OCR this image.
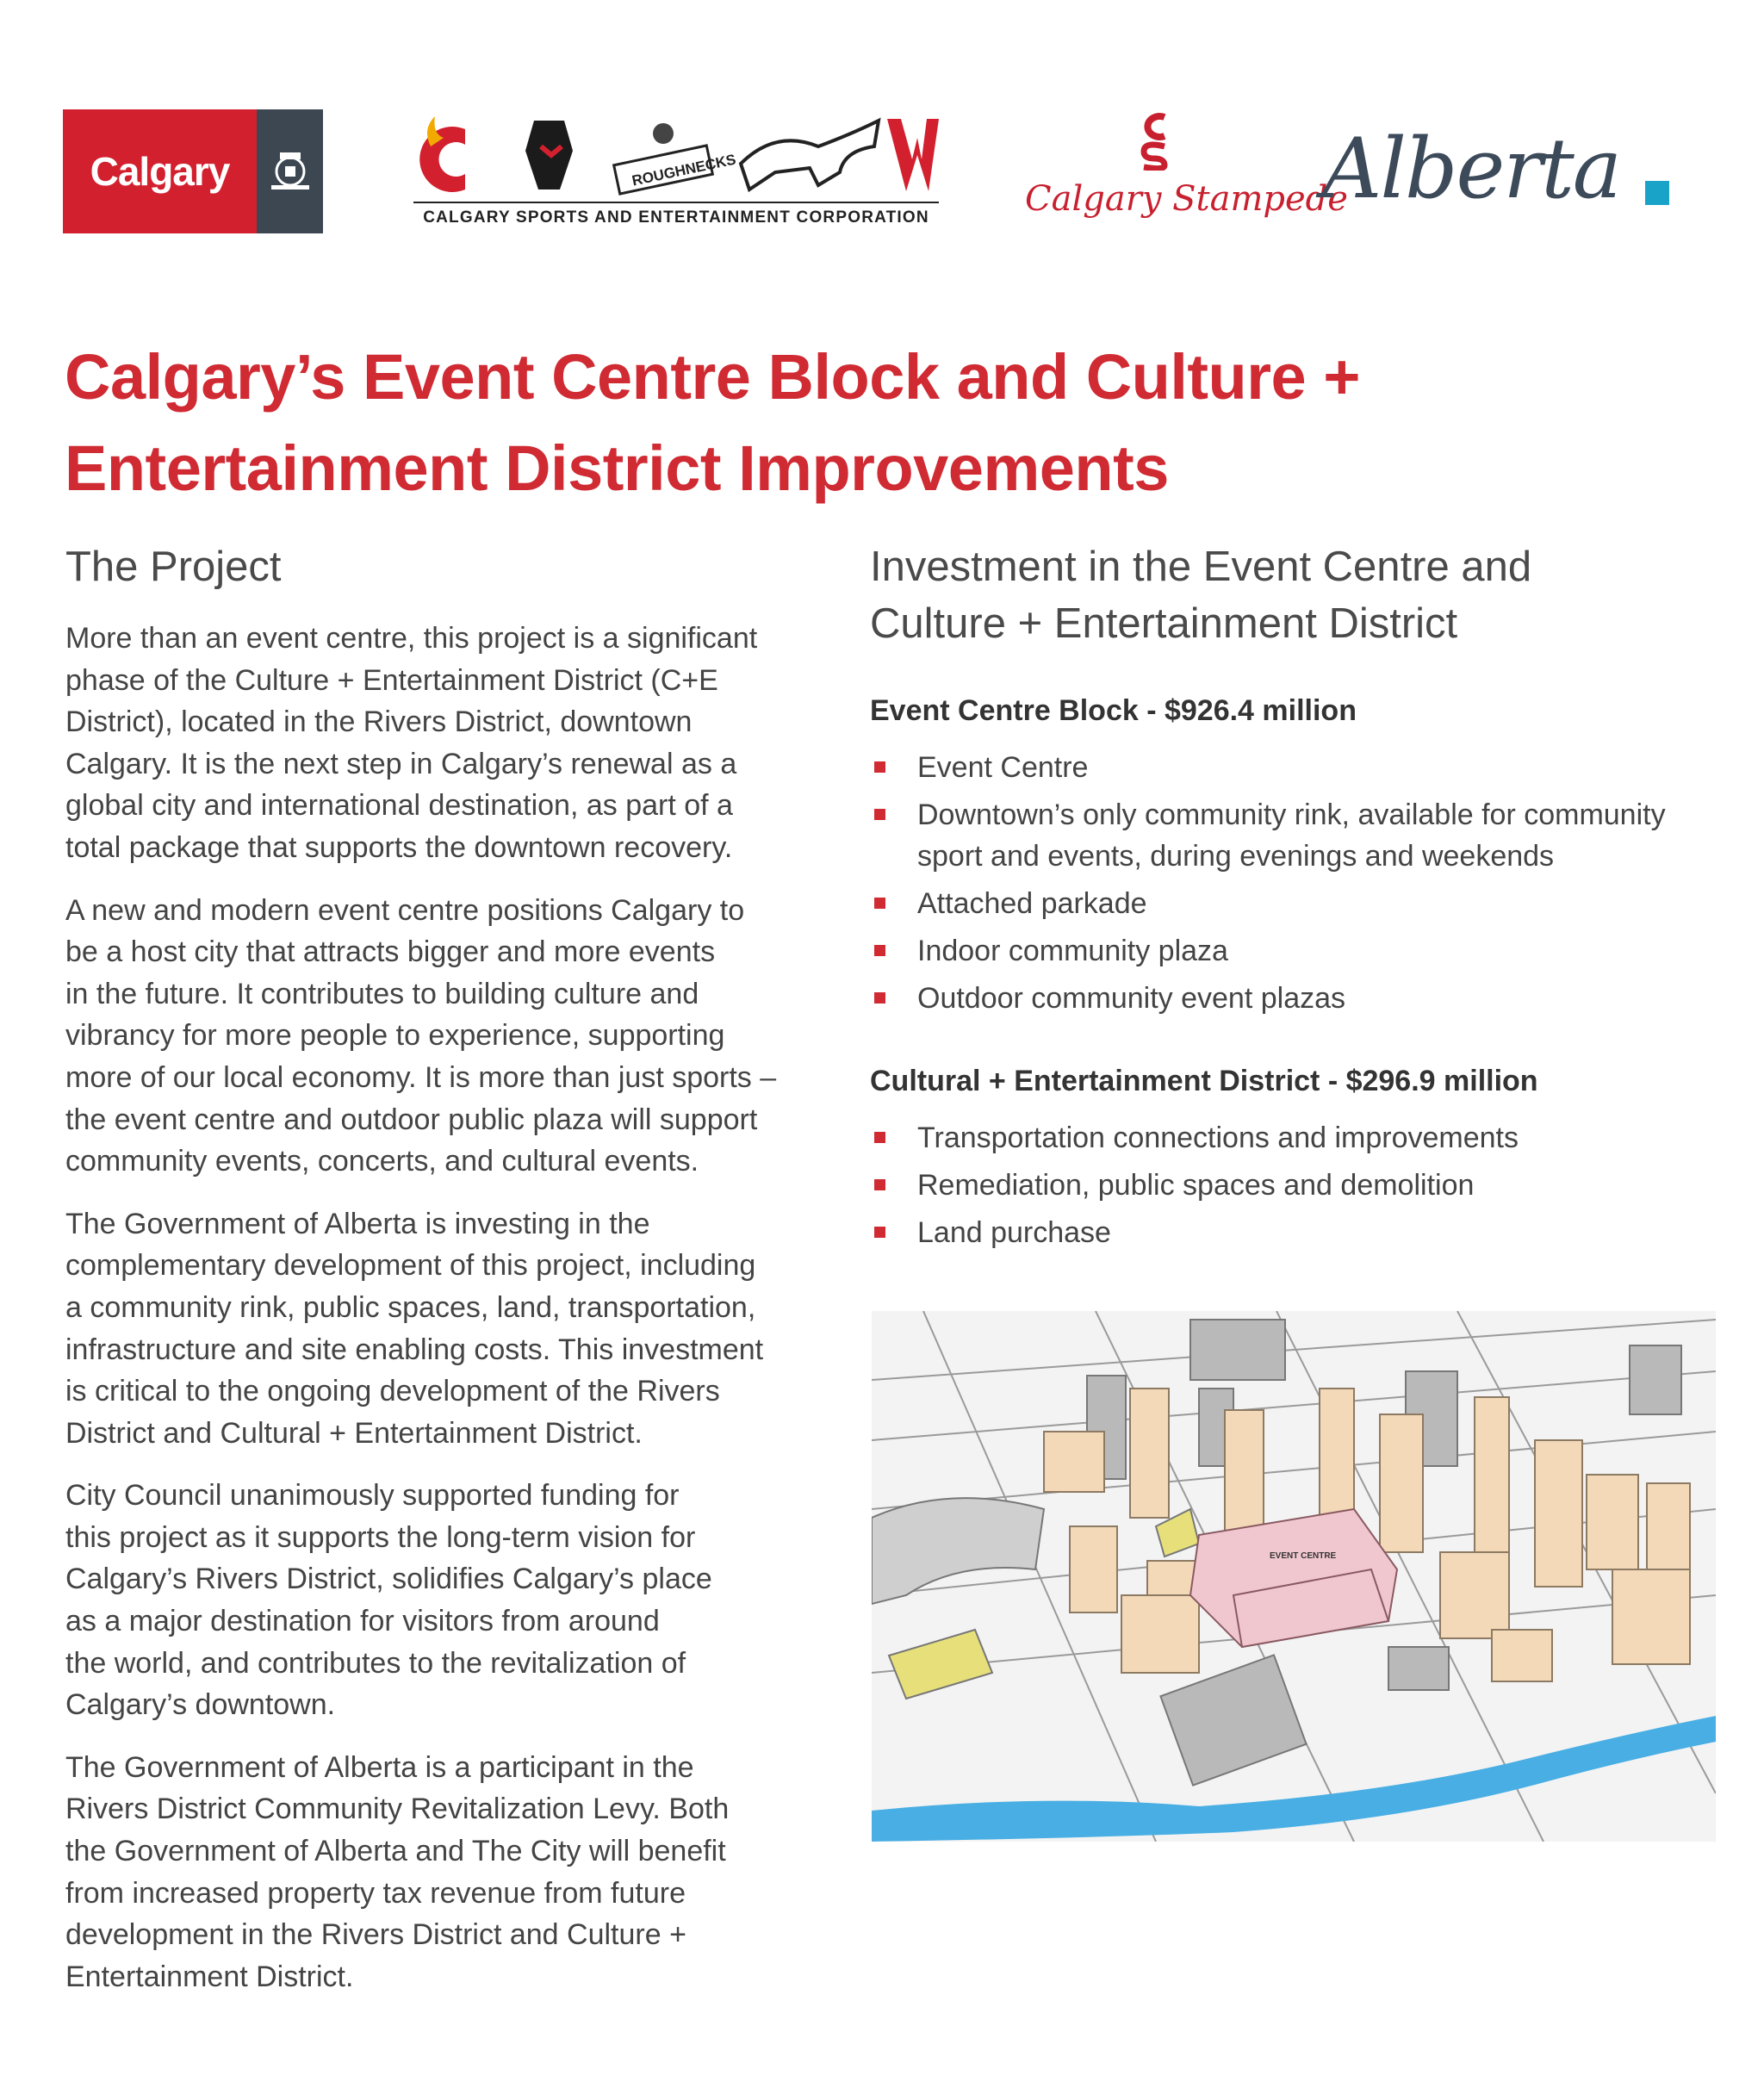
Calgary	ROUGHNECKS
CALGARY SPORTS AND ENTERTAINMENT CORPORATION	Calgary Stampede
Alberta
Calgary’s Event Centre Block and Culture + Entertainment District Improvements
The Project

More than an event centre, this project is a significant
phase of the Culture + Entertainment District (C+E
District), located in the Rivers District, downtown
Calgary. It is the next step in Calgary’s renewal as a
global city and international destination, as part of a
total package that supports the downtown recovery.

A new and modern event centre positions Calgary to
be a host city that attracts bigger and more events
in the future. It contributes to building culture and
vibrancy for more people to experience, supporting
more of our local economy. It is more than just sports –
the event centre and outdoor public plaza will support
community events, concerts, and cultural events.

The Government of Alberta is investing in the
complementary development of this project, including
a community rink, public spaces, land, transportation,
infrastructure and site enabling costs. This investment
is critical to the ongoing development of the Rivers
District and Cultural + Entertainment District.

City Council unanimously supported funding for
this project as it supports the long-term vision for
Calgary’s Rivers District, solidifies Calgary’s place
as a major destination for visitors from around
the world, and contributes to the revitalization of
Calgary’s downtown.

The Government of Alberta is a participant in the
Rivers District Community Revitalization Levy. Both
the Government of Alberta and The City will benefit
from increased property tax revenue from future
development in the Rivers District and Culture +
Entertainment District.

Investment in the Event Centre and
Culture + Entertainment District

Event Centre Block - $926.4 million

Event Centre
Downtown’s only community rink, available for community
sport and events, during evenings and weekends
Attached parkade
Indoor community plaza
Outdoor community event plazas

Cultural + Entertainment District - $296.9 million

Transportation connections and improvements
Remediation, public spaces and demolition
Land purchase
EVENT CENTRE
